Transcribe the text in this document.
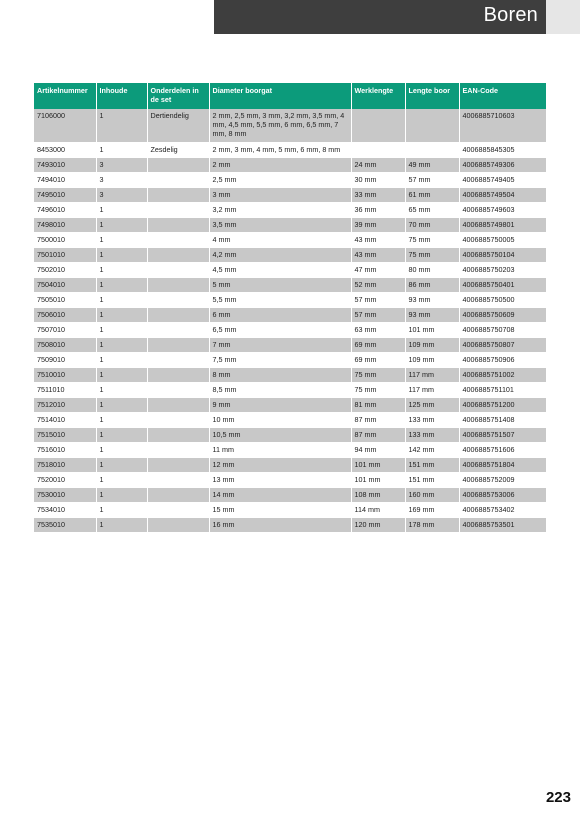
Boren
Artikelnummer	Inhoude	Onderdelen in de set	Diameter boorgat	Werklengte	Lengte boor	EAN-Code
7106000	1	Dertiendelig	2 mm, 2,5 mm, 3 mm, 3,2 mm, 3,5 mm, 4 mm, 4,5 mm, 5,5 mm, 6 mm, 6,5 mm, 7 mm, 8 mm			4006885710603
8453000	1	Zesdelig	2 mm, 3 mm, 4 mm, 5 mm, 6 mm, 8 mm			4006885845305
7493010	3		2 mm	24 mm	49 mm	4006885749306
7494010	3		2,5 mm	30 mm	57 mm	4006885749405
7495010	3		3 mm	33 mm	61 mm	4006885749504
7496010	1		3,2 mm	36 mm	65 mm	4006885749603
7498010	1		3,5 mm	39 mm	70 mm	4006885749801
7500010	1		4 mm	43 mm	75 mm	4006885750005
7501010	1		4,2 mm	43 mm	75 mm	4006885750104
7502010	1		4,5 mm	47 mm	80 mm	4006885750203
7504010	1		5 mm	52 mm	86 mm	4006885750401
7505010	1		5,5 mm	57 mm	93 mm	4006885750500
7506010	1		6 mm	57 mm	93 mm	4006885750609
7507010	1		6,5 mm	63 mm	101 mm	4006885750708
7508010	1		7 mm	69 mm	109 mm	4006885750807
7509010	1		7,5 mm	69 mm	109 mm	4006885750906
7510010	1		8 mm	75 mm	117 mm	4006885751002
7511010	1		8,5 mm	75 mm	117 mm	4006885751101
7512010	1		9 mm	81 mm	125 mm	4006885751200
7514010	1		10 mm	87 mm	133 mm	4006885751408
7515010	1		10,5 mm	87 mm	133 mm	4006885751507
7516010	1		11 mm	94 mm	142 mm	4006885751606
7518010	1		12 mm	101 mm	151 mm	4006885751804
7520010	1		13 mm	101 mm	151 mm	4006885752009
7530010	1		14 mm	108 mm	160 mm	4006885753006
7534010	1		15 mm	114 mm	169 mm	4006885753402
7535010	1		16 mm	120 mm	178 mm	4006885753501
223
